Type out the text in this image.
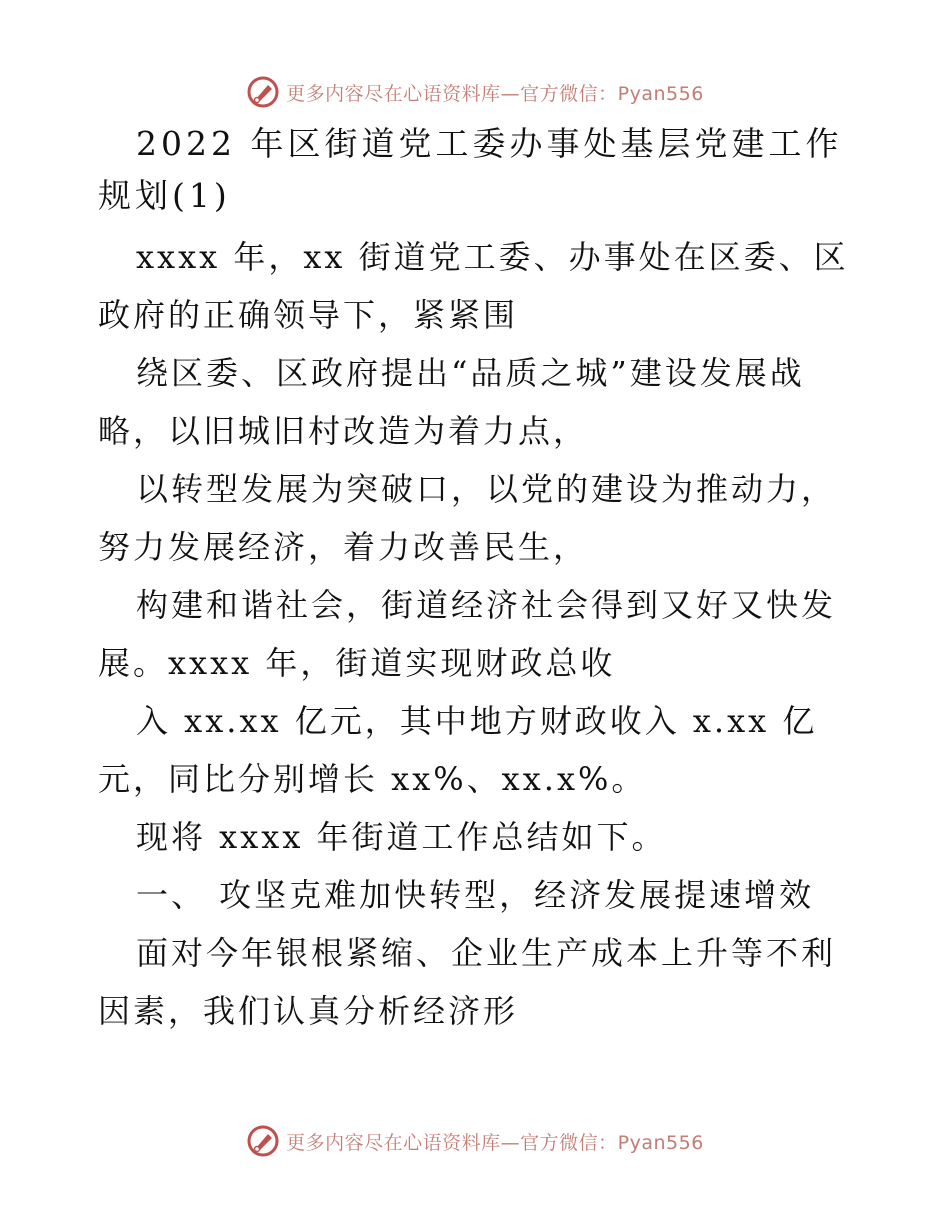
更多内容尽在心语资料库—官方微信：Pyan556

2022 年区街道党工委办事处基层党建工作规划(1)

xxxx 年，xx 街道党工委、办事处在区委、区政府的正确领导下，紧紧围

绕区委、区政府提出“品质之城”建设发展战略，以旧城旧村改造为着力点，

以转型发展为突破口，以党的建设为推动力，努力发展经济，着力改善民生，

构建和谐社会，街道经济社会得到又好又快发展。xxxx 年，街道实现财政总收

入 xx.xx 亿元，其中地方财政收入 x.xx 亿元，同比分别增长 xx%、xx.x%。

现将 xxxx 年街道工作总结如下。

一、 攻坚克难加快转型，经济发展提速增效

面对今年银根紧缩、企业生产成本上升等不利因素，我们认真分析经济形

更多内容尽在心语资料库—官方微信：Pyan556
